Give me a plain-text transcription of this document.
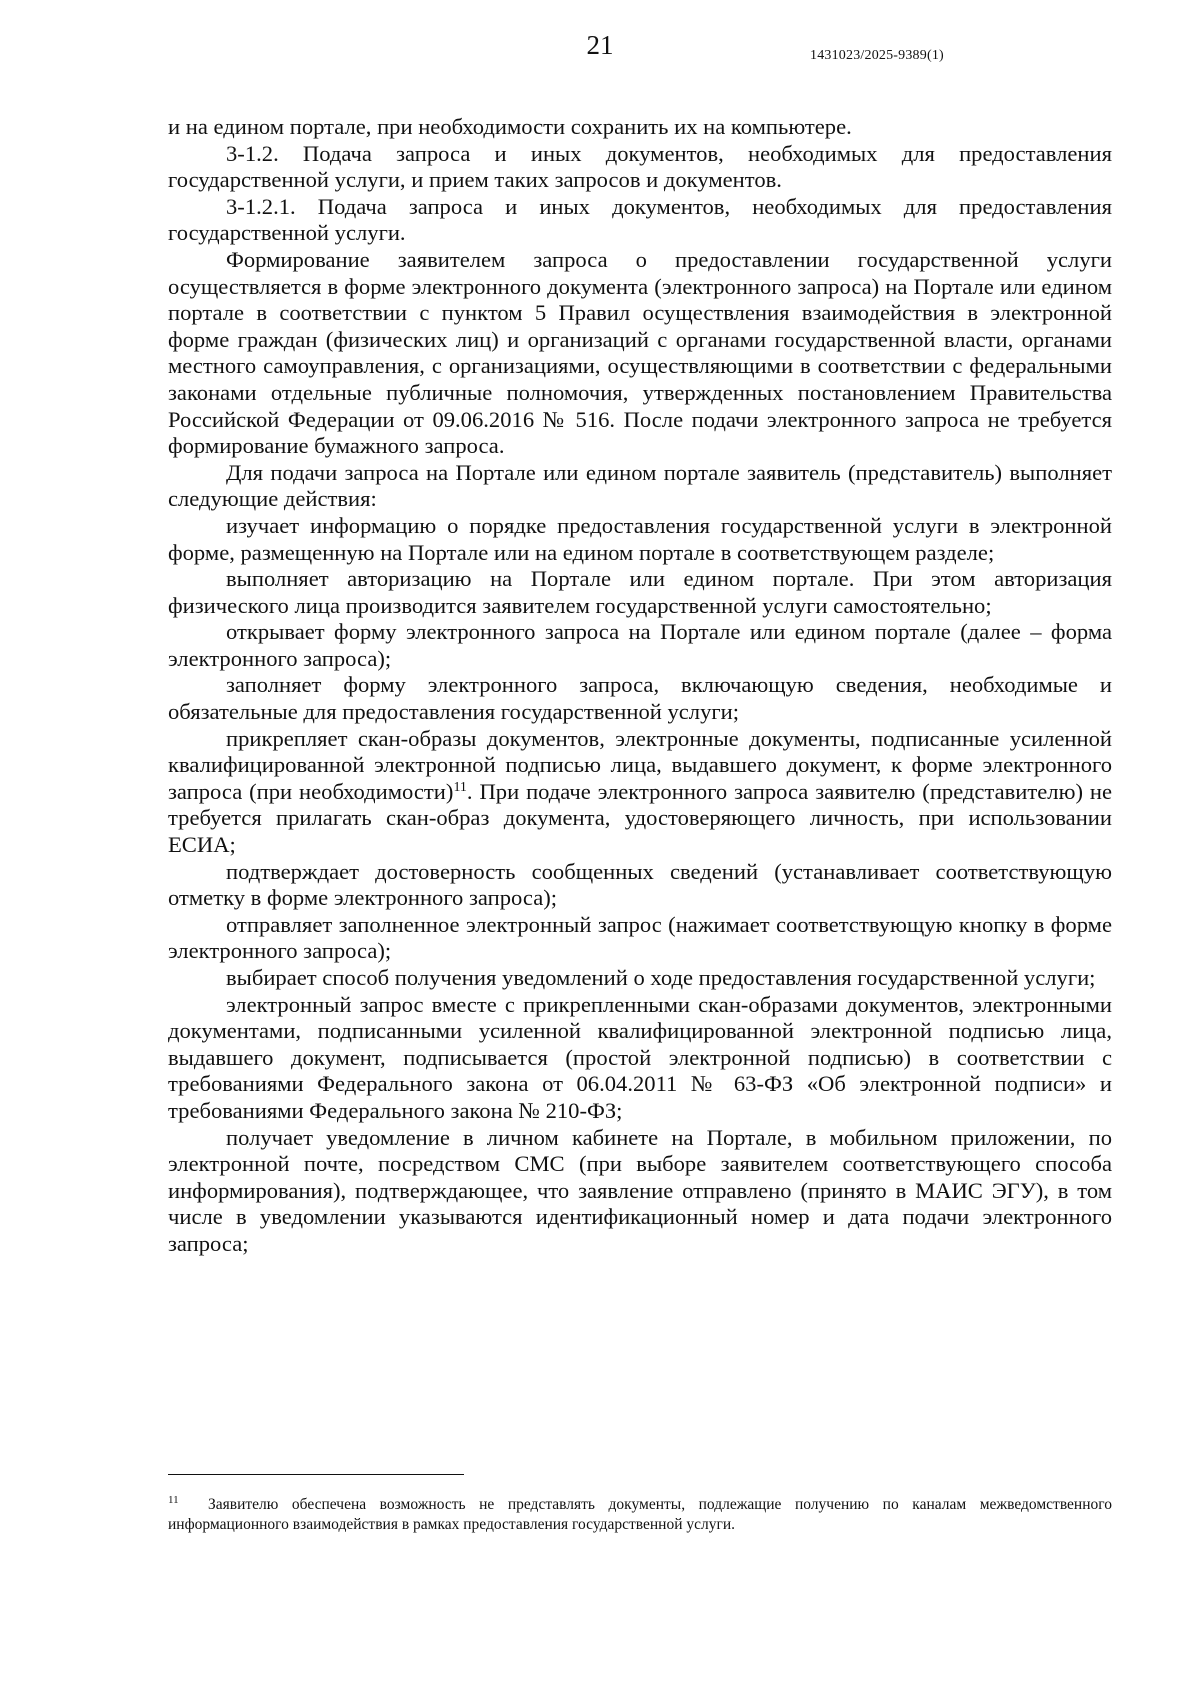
21	1431023/2025-9389(1)

и на едином портале, при необходимости сохранить их на компьютере.

3-1.2. Подача запроса и иных документов, необходимых для предоставления государственной услуги, и прием таких запросов и документов.

3-1.2.1. Подача запроса и иных документов, необходимых для предоставления государственной услуги.

Формирование заявителем запроса о предоставлении государственной услуги осуществляется в форме электронного документа (электронного запроса) на Портале или едином портале в соответствии с пунктом 5 Правил осуществления взаимодействия в электронной форме граждан (физических лиц) и организаций с органами государственной власти, органами местного самоуправления, с организациями, осуществляющими в соответствии с федеральными законами отдельные публичные полномочия, утвержденных постановлением Правительства Российской Федерации от 09.06.2016 № 516. После подачи электронного запроса не требуется формирование бумажного запроса.

Для подачи запроса на Портале или едином портале заявитель (представитель) выполняет следующие действия:

изучает информацию о порядке предоставления государственной услуги в электронной форме, размещенную на Портале или на едином портале в соответствующем разделе;

выполняет авторизацию на Портале или едином портале. При этом авторизация физического лица производится заявителем государственной услуги самостоятельно;

открывает форму электронного запроса на Портале или едином портале (далее – форма электронного запроса);

заполняет форму электронного запроса, включающую сведения, необходимые и обязательные для предоставления государственной услуги;

прикрепляет скан-образы документов, электронные документы, подписанные усиленной квалифицированной электронной подписью лица, выдавшего документ, к форме электронного запроса (при необходимости)$^{11}$. При подаче электронного запроса заявителю (представителю) не требуется прилагать скан-образ документа, удостоверяющего личность, при использовании ЕСИА;

подтверждает достоверность сообщенных сведений (устанавливает соответствующую отметку в форме электронного запроса);

отправляет заполненное электронный запрос (нажимает соответствующую кнопку в форме электронного запроса);

выбирает способ получения уведомлений о ходе предоставления государственной услуги;

электронный запрос вместе с прикрепленными скан-образами документов, электронными документами, подписанными усиленной квалифицированной электронной подписью лица, выдавшего документ, подписывается (простой электронной подписью) в соответствии с требованиями Федерального закона от 06.04.2011 № 63-ФЗ «Об электронной подписи» и требованиями Федерального закона № 210-ФЗ;

получает уведомление в личном кабинете на Портале, в мобильном приложении, по электронной почте, посредством СМС (при выборе заявителем соответствующего способа информирования), подтверждающее, что заявление отправлено (принято в МАИС ЭГУ), в том числе в уведомлении указываются идентификационный номер и дата подачи электронного запроса;

$^{11}$ Заявителю обеспечена возможность не представлять документы, подлежащие получению по каналам межведомственного информационного взаимодействия в рамках предоставления государственной услуги.
